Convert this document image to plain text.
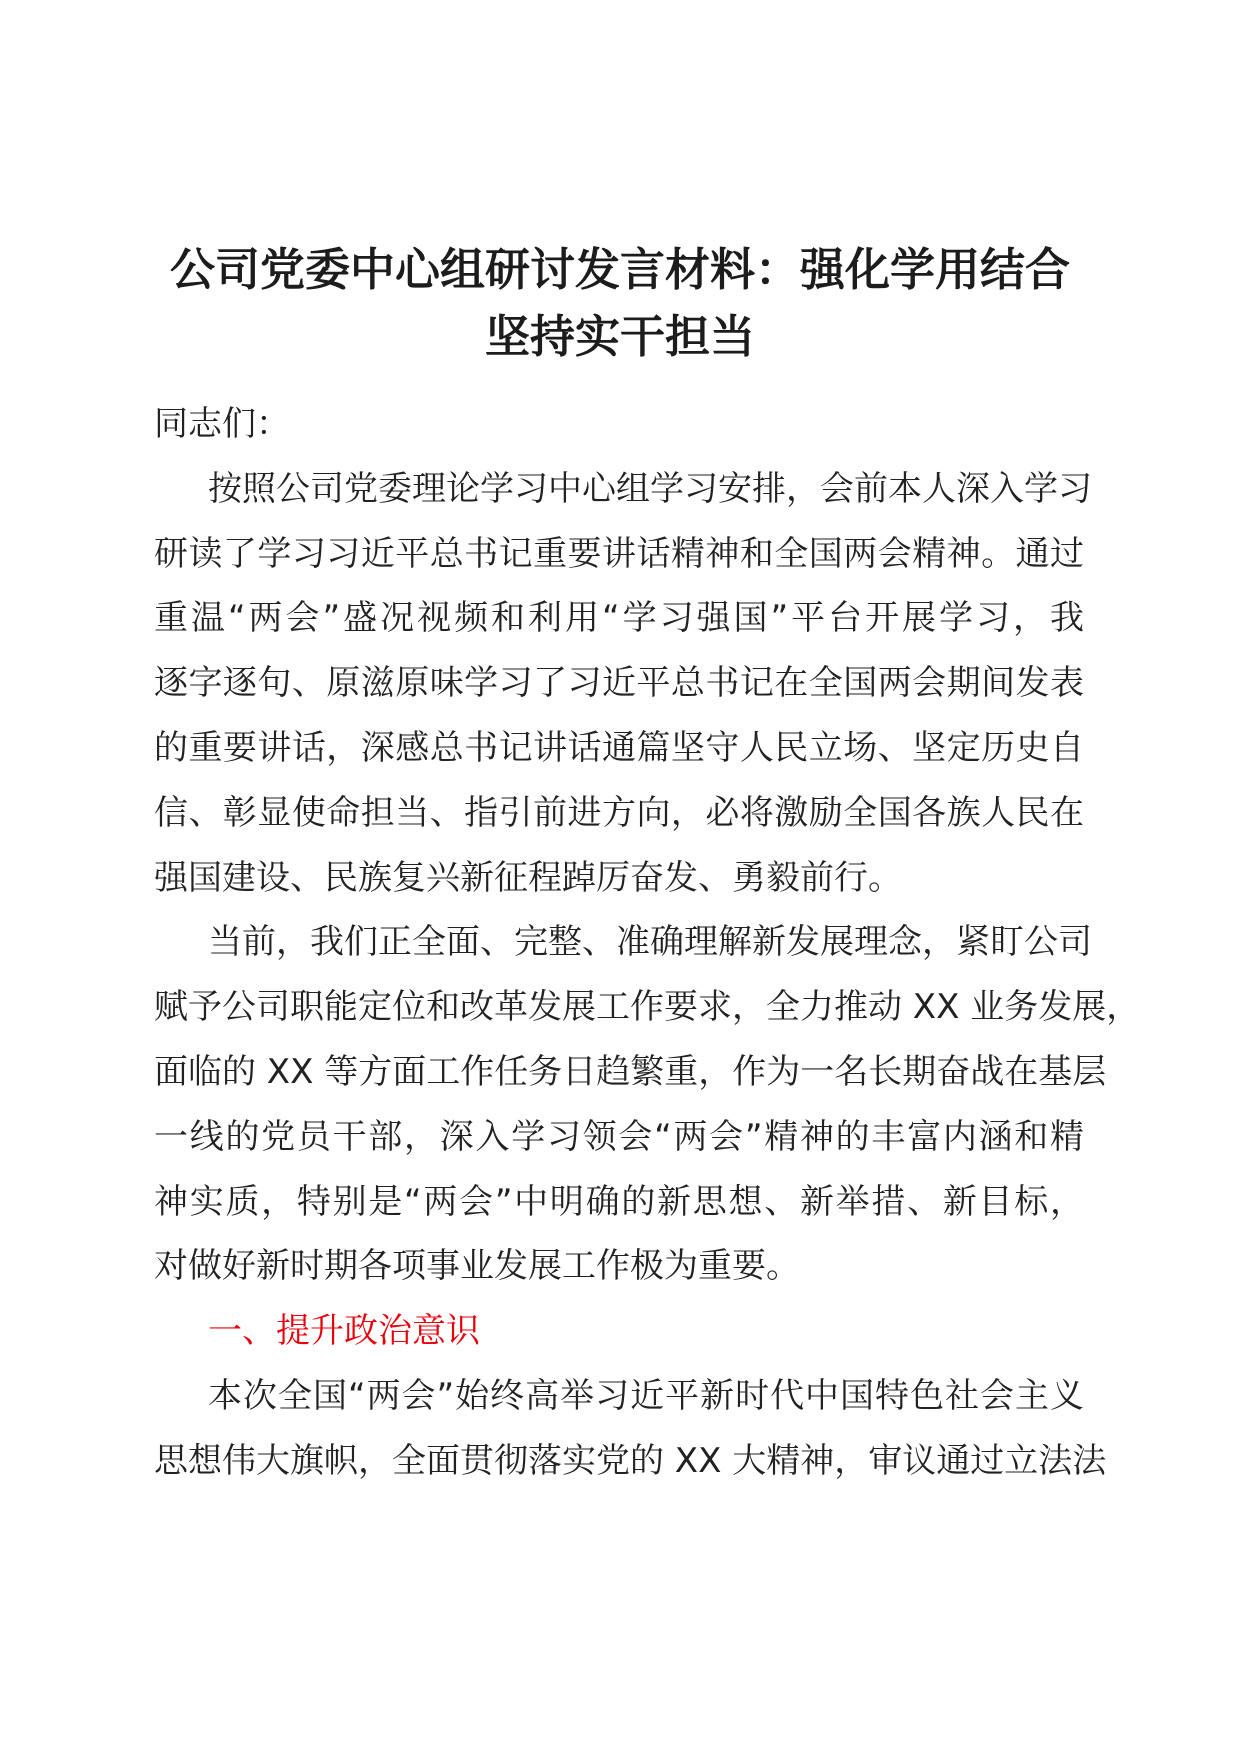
公司党委中心组研讨发言材料：强化学用结合
坚持实干担当
同志们：
按照公司党委理论学习中心组学习安排，会前本人深入学习
研读了学习习近平总书记重要讲话精神和全国两会精神。通过
重温“两会”盛况视频和利用“学习强国”平台开展学习，我
逐字逐句、原滋原味学习了习近平总书记在全国两会期间发表
的重要讲话，深感总书记讲话通篇坚守人民立场、坚定历史自
信、彰显使命担当、指引前进方向，必将激励全国各族人民在
强国建设、民族复兴新征程踔厉奋发、勇毅前行。
当前，我们正全面、完整、准确理解新发展理念，紧盯公司
赋予公司职能定位和改革发展工作要求，全力推动 XX 业务发展，
面临的 XX 等方面工作任务日趋繁重，作为一名长期奋战在基层
一线的党员干部，深入学习领会“两会”精神的丰富内涵和精
神实质，特别是“两会”中明确的新思想、新举措、新目标，
对做好新时期各项事业发展工作极为重要。
一、提升政治意识
本次全国“两会”始终高举习近平新时代中国特色社会主义
思想伟大旗帜，全面贯彻落实党的 XX 大精神，审议通过立法法
